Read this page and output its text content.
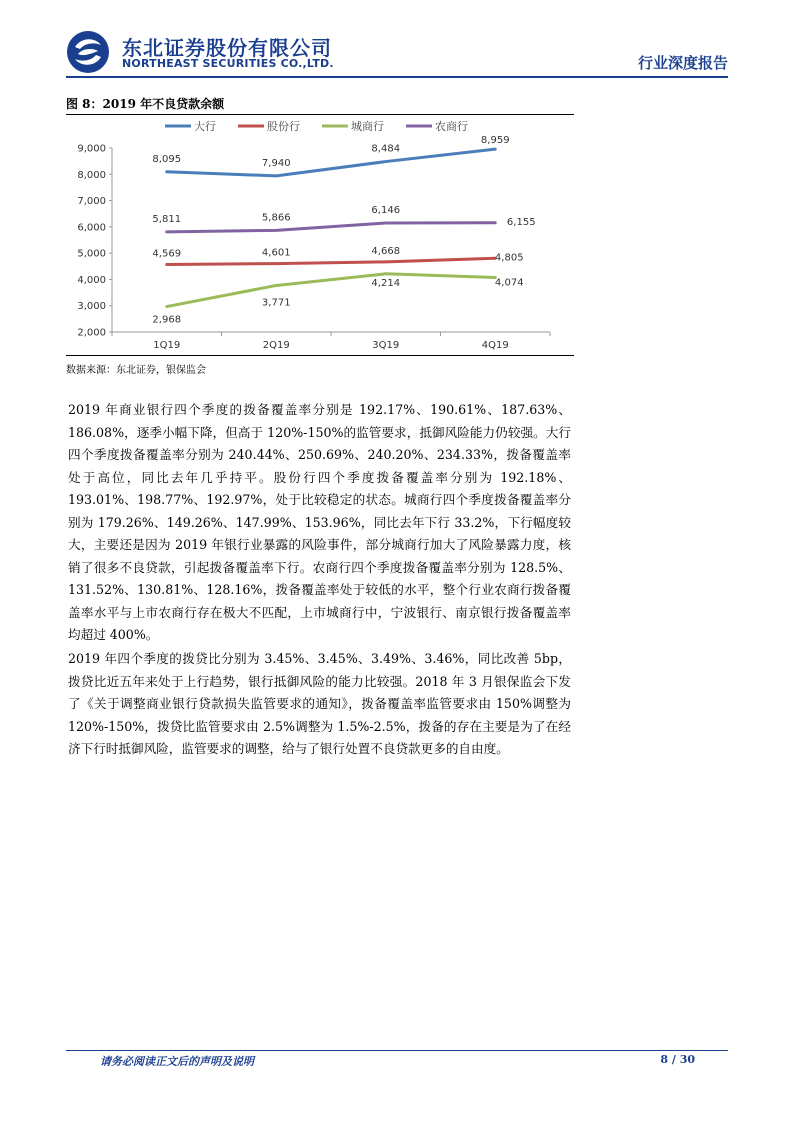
东北证券股份有限公司
NORTHEAST SECURITIES CO.,LTD.	行业深度报告
图 8：2019 年不良贷款余额
大行	股份行	城商行	农商行
2,000
3,000
4,000
5,000
6,000
7,000
8,000
9,000
1Q19	2Q19	3Q19	4Q19
8,095	7,940
8,484
8,959
4,569	4,601	4,668
4,805
2,968
3,771
4,214	4,074
5,811	5,866
6,146
6,155
数据来源：东北证券，银保监会

2019 年商业银行四个季度的拨备覆盖率分别是 192.17%、190.61%、187.63%、186.08%，逐季小幅下降，但高于 120%-150%的监管要求，抵御风险能力仍较强。大行四个季度拨备覆盖率分别为 240.44%、250.69%、240.20%、234.33%，拨备覆盖率处于高位，同比去年几乎持平。股份行四个季度拨备覆盖率分别为 192.18%、193.01%、198.77%、192.97%，处于比较稳定的状态。城商行四个季度拨备覆盖率分别为 179.26%、149.26%、147.99%、153.96%，同比去年下行 33.2%，下行幅度较大，主要还是因为 2019 年银行业暴露的风险事件，部分城商行加大了风险暴露力度，核销了很多不良贷款，引起拨备覆盖率下行。农商行四个季度拨备覆盖率分别为 128.5%、131.52%、130.81%、128.16%，拨备覆盖率处于较低的水平，整个行业农商行拨备覆盖率水平与上市农商行存在极大不匹配，上市城商行中，宁波银行、南京银行拨备覆盖率均超过 400%。

2019 年四个季度的拨贷比分别为 3.45%、3.45%、3.49%、3.46%，同比改善 5bp，拨贷比近五年来处于上行趋势，银行抵御风险的能力比较强。2018 年 3 月银保监会下发了《关于调整商业银行贷款损失监管要求的通知》，拨备覆盖率监管要求由 150%调整为 120%-150%，拨贷比监管要求由 2.5%调整为 1.5%-2.5%，拨备的存在主要是为了在经济下行时抵御风险，监管要求的调整，给与了银行处置不良贷款更多的自由度。

请务必阅读正文后的声明及说明	8 / 30
